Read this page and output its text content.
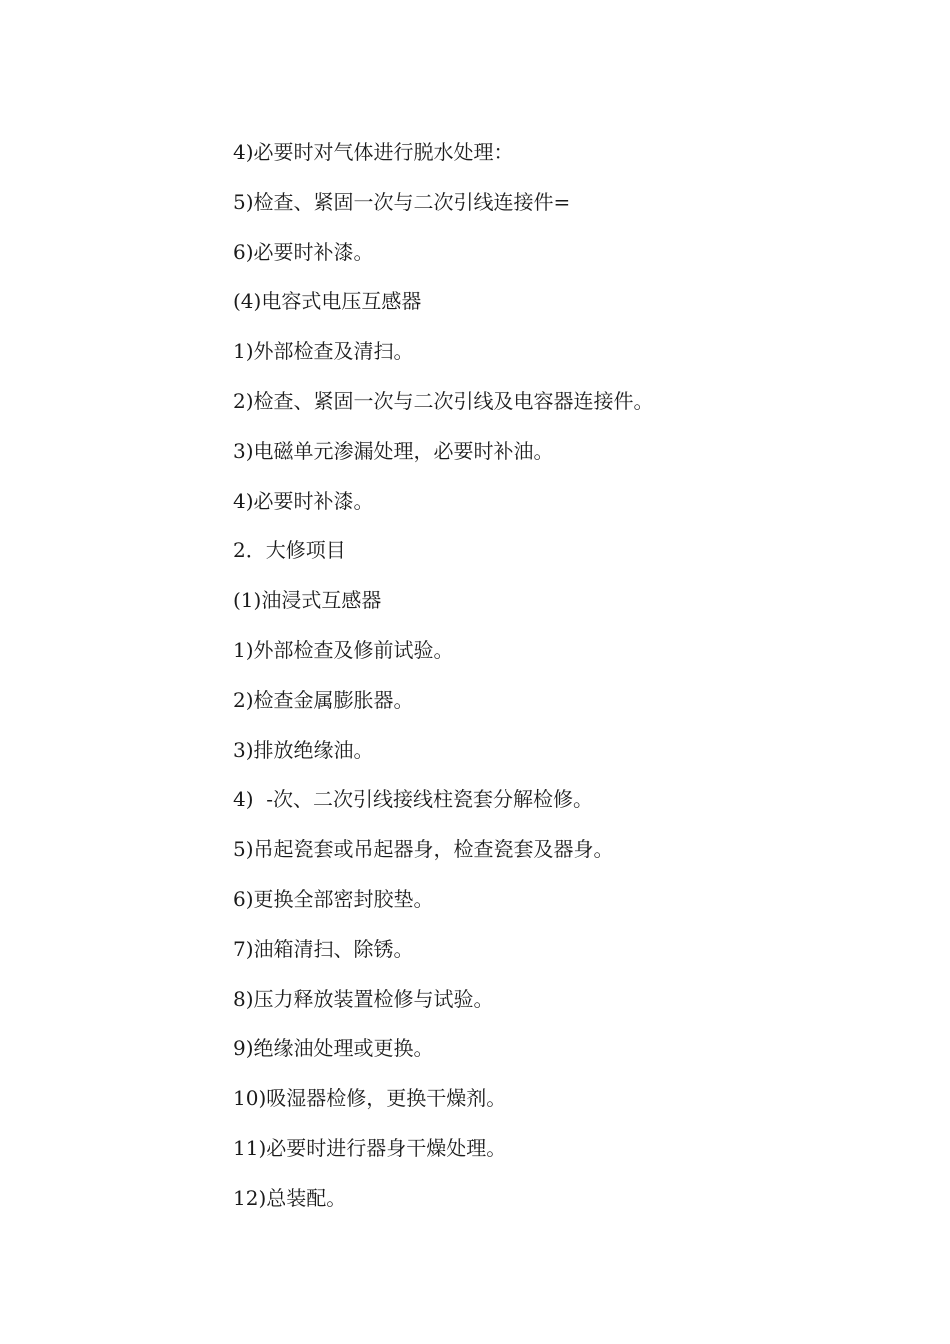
4)必要时对气体进行脱水处理：
5)检查、紧固一次与二次引线连接件=
6)必要时补漆。
(4)电容式电压互感器
1)外部检查及清扫。
2)检查、紧固一次与二次引线及电容器连接件。
3)电磁单元渗漏处理，必要时补油。
4)必要时补漆。
2．大修项目
(1)油浸式互感器
1)外部检查及修前试验。
2)检查金属膨胀器。
3)排放绝缘油。
4)  -次、二次引线接线柱瓷套分解检修。
5)吊起瓷套或吊起器身，检查瓷套及器身。
6)更换全部密封胶垫。
7)油箱清扫、除锈。
8)压力释放装置检修与试验。
9)绝缘油处理或更换。
10)吸湿器检修，更换干燥剂。
11)必要时进行器身干燥处理。
12)总装配。
